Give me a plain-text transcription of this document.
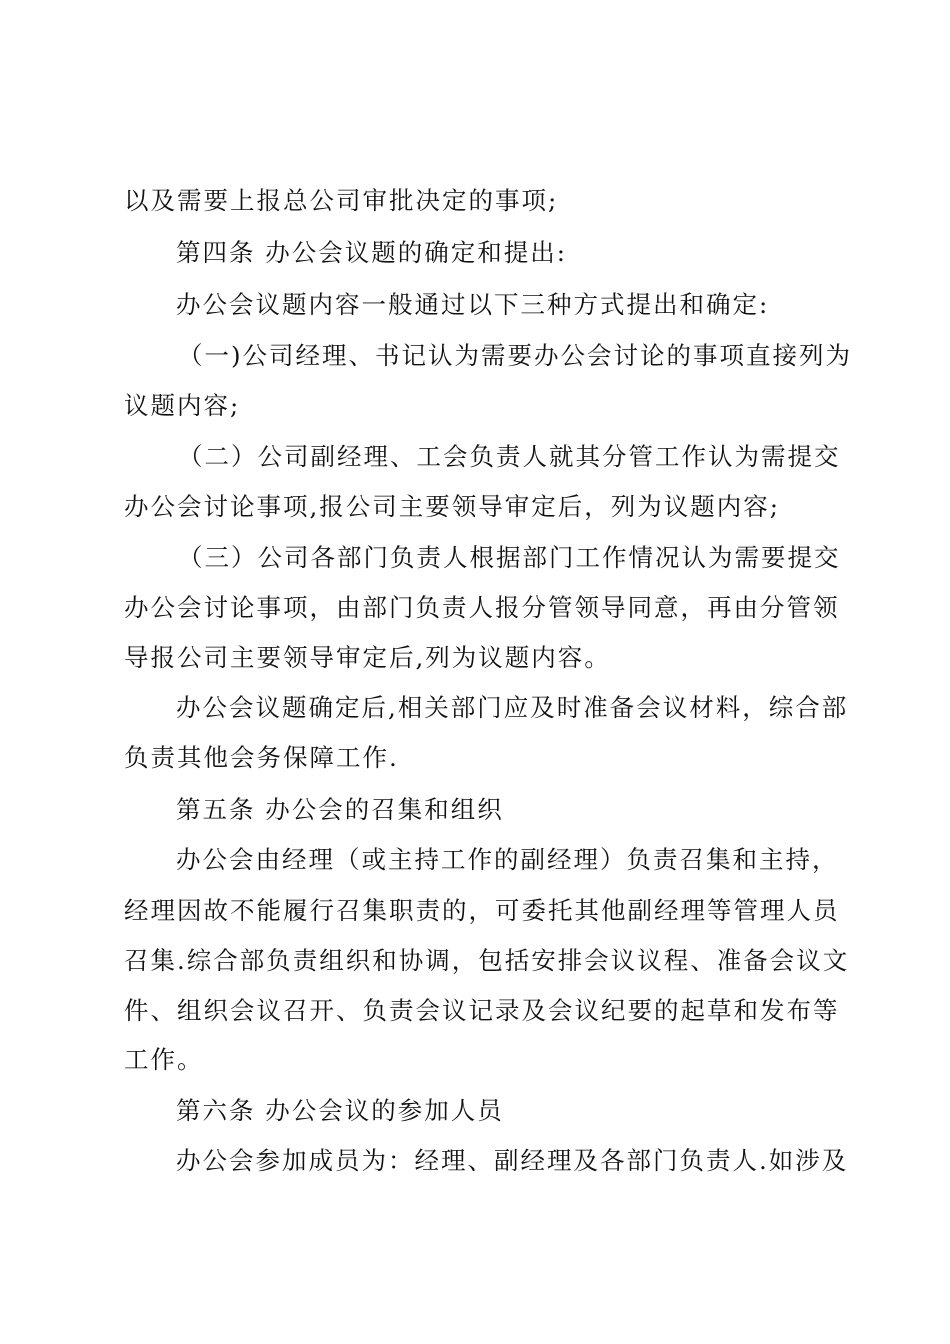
以及需要上报总公司审批决定的事项;
第四条 办公会议题的确定和提出:
办公会议题内容一般通过以下三种方式提出和确定:
（一)公司经理、书记认为需要办公会讨论的事项直接列为
议题内容;
（二）公司副经理、工会负责人就其分管工作认为需提交
办公会讨论事项,报公司主要领导审定后，列为议题内容;
（三）公司各部门负责人根据部门工作情况认为需要提交
办公会讨论事项，由部门负责人报分管领导同意，再由分管领
导报公司主要领导审定后,列为议题内容。
办公会议题确定后,相关部门应及时准备会议材料，综合部
负责其他会务保障工作.
第五条 办公会的召集和组织
办公会由经理（或主持工作的副经理）负责召集和主持，
经理因故不能履行召集职责的，可委托其他副经理等管理人员
召集.综合部负责组织和协调，包括安排会议议程、准备会议文
件、组织会议召开、负责会议记录及会议纪要的起草和发布等
工作。
第六条 办公会议的参加人员
办公会参加成员为：经理、副经理及各部门负责人.如涉及
